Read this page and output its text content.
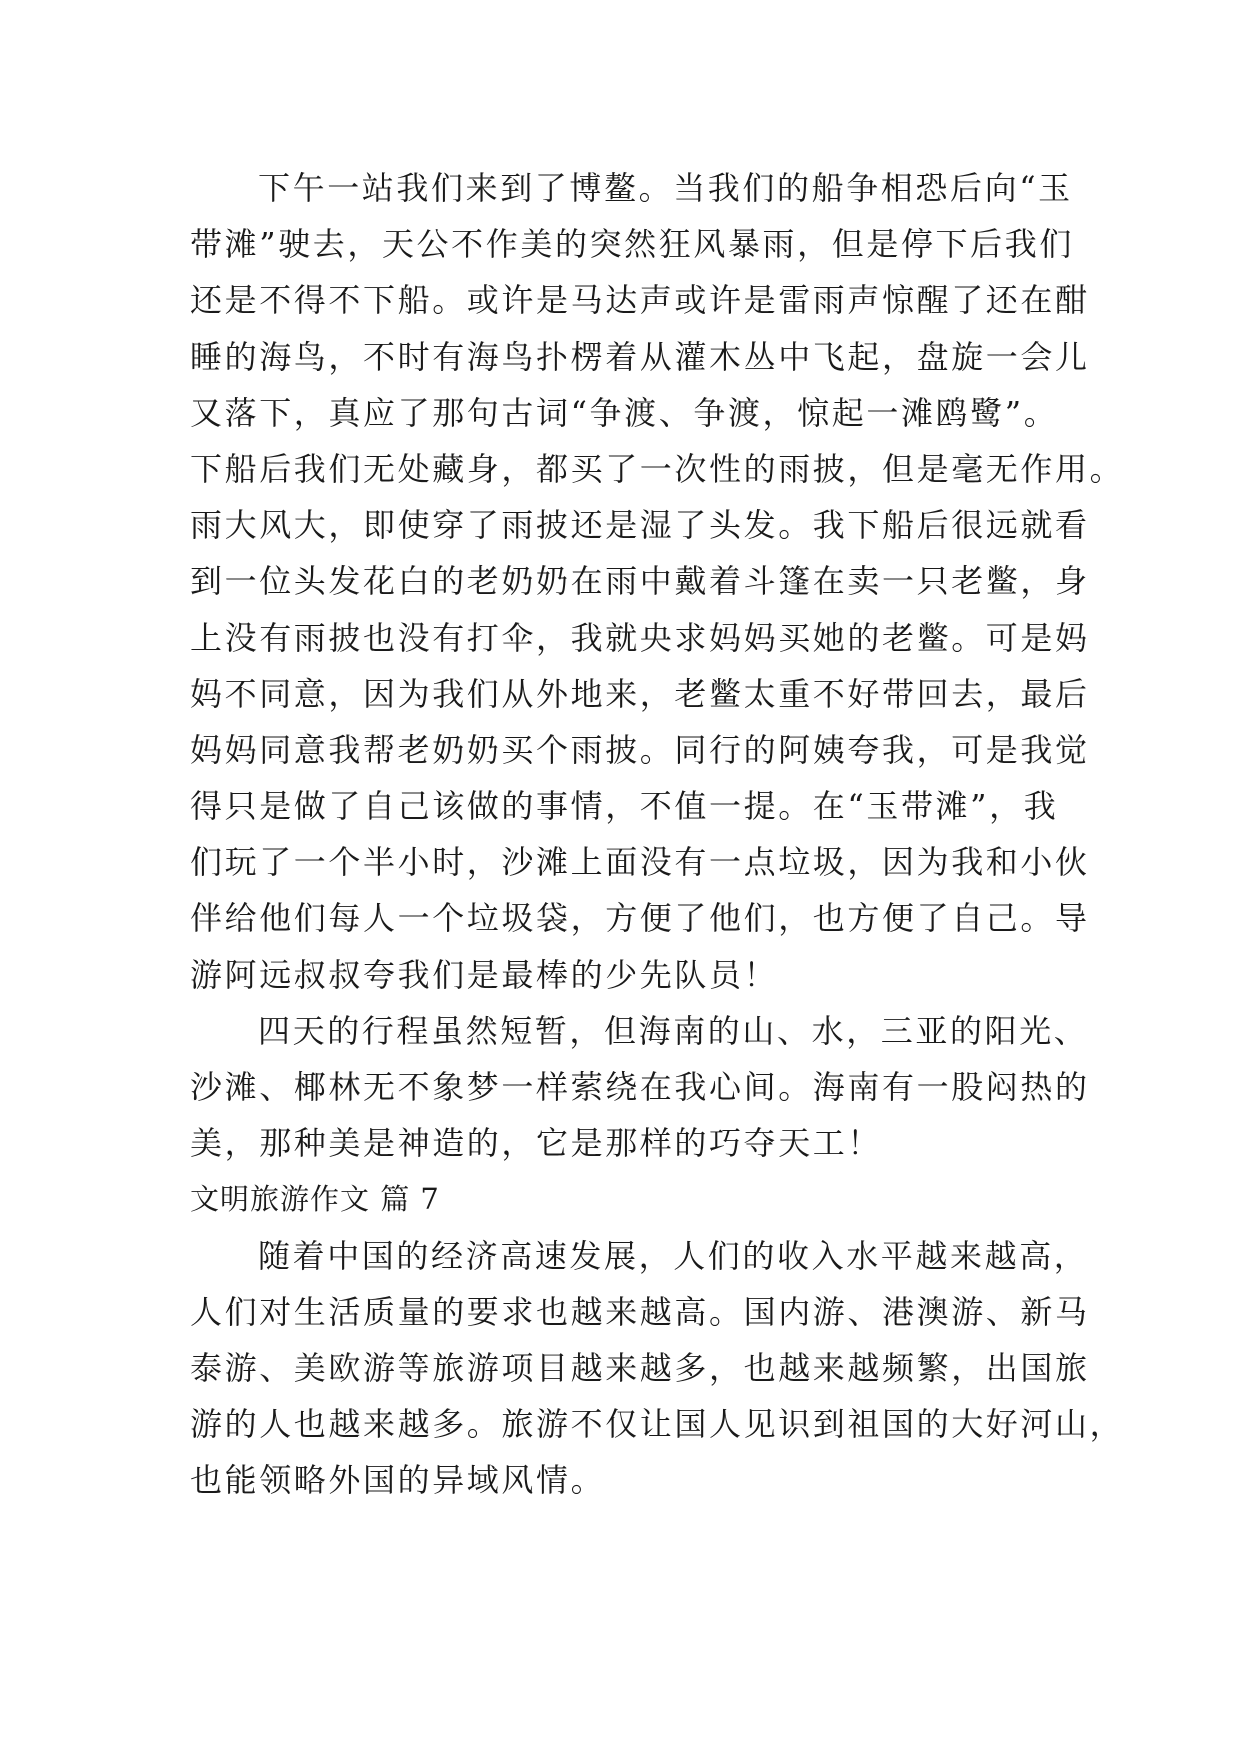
下午一站我们来到了博鳌。当我们的船争相恐后向“玉
带滩”驶去，天公不作美的突然狂风暴雨，但是停下后我们
还是不得不下船。或许是马达声或许是雷雨声惊醒了还在酣
睡的海鸟，不时有海鸟扑楞着从灌木丛中飞起，盘旋一会儿
又落下，真应了那句古词“争渡、争渡，惊起一滩鸥鹭”。
下船后我们无处藏身，都买了一次性的雨披，但是毫无作用。
雨大风大，即使穿了雨披还是湿了头发。我下船后很远就看
到一位头发花白的老奶奶在雨中戴着斗篷在卖一只老鳖，身
上没有雨披也没有打伞，我就央求妈妈买她的老鳖。可是妈
妈不同意，因为我们从外地来，老鳖太重不好带回去，最后
妈妈同意我帮老奶奶买个雨披。同行的阿姨夸我，可是我觉
得只是做了自己该做的事情，不值一提。在“玉带滩”，我
们玩了一个半小时，沙滩上面没有一点垃圾，因为我和小伙
伴给他们每人一个垃圾袋，方便了他们，也方便了自己。导
游阿远叔叔夸我们是最棒的少先队员！
四天的行程虽然短暂，但海南的山、水，三亚的阳光、
沙滩、椰林无不象梦一样萦绕在我心间。海南有一股闷热的
美，那种美是神造的，它是那样的巧夺天工！
文明旅游作文 篇 7
随着中国的经济高速发展，人们的收入水平越来越高，
人们对生活质量的要求也越来越高。国内游、港澳游、新马
泰游、美欧游等旅游项目越来越多，也越来越频繁，出国旅
游的人也越来越多。旅游不仅让国人见识到祖国的大好河山，
也能领略外国的异域风情。
